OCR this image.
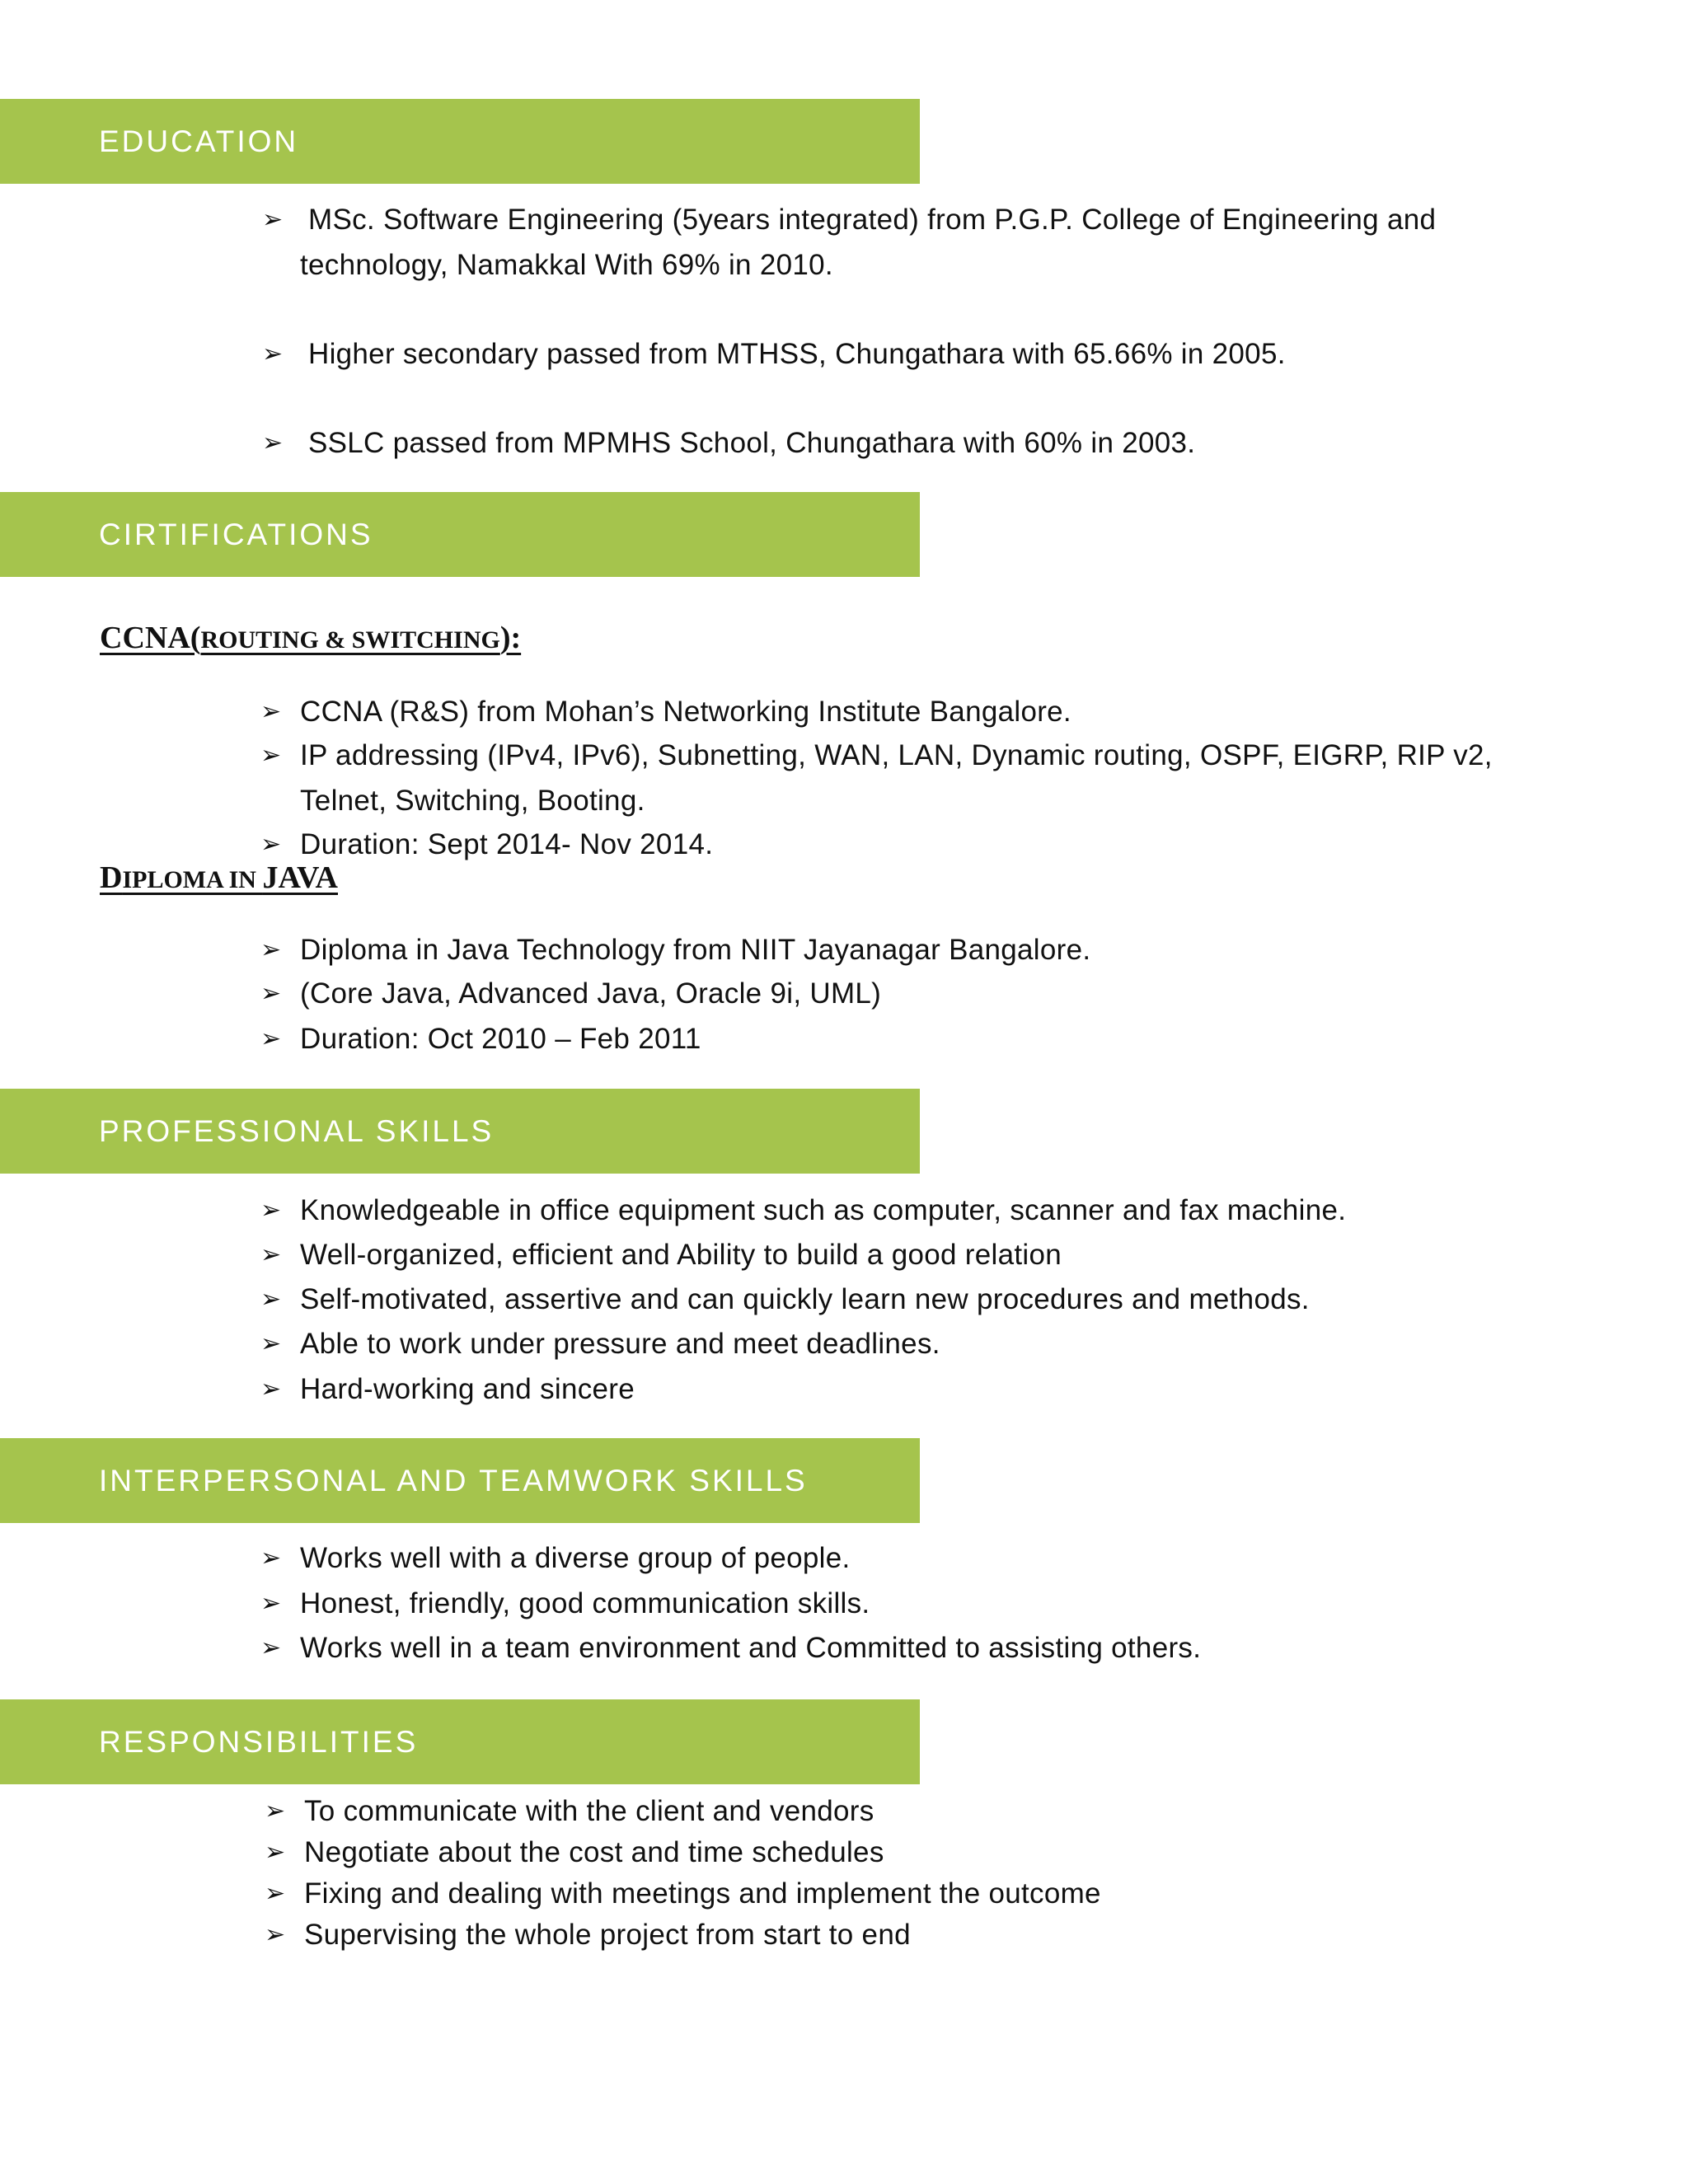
EDUCATION
➢ MSc. Software Engineering (5years integrated) from P.G.P. College of Engineering and
technology, Namakkal With 69% in 2010.
➢ Higher secondary passed from MTHSS, Chungathara with 65.66% in 2005.
➢ SSLC passed from MPMHS School, Chungathara with 60% in 2003.
CIRTIFICATIONS
CCNA(ROUTING & SWITCHING):
➢ CCNA (R&S) from Mohan’s Networking Institute Bangalore.
➢ IP addressing (IPv4, IPv6), Subnetting, WAN, LAN, Dynamic routing, OSPF, EIGRP, RIP v2,
Telnet, Switching, Booting.
➢ Duration: Sept 2014- Nov 2014.
DIPLOMA IN JAVA
➢ Diploma in Java Technology from NIIT Jayanagar Bangalore.
➢ (Core Java, Advanced Java, Oracle 9i, UML)
➢ Duration: Oct 2010 – Feb 2011
PROFESSIONAL SKILLS
➢ Knowledgeable in office equipment such as computer, scanner and fax machine.
➢ Well-organized, efficient and Ability to build a good relation
➢ Self-motivated, assertive and can quickly learn new procedures and methods.
➢ Able to work under pressure and meet deadlines.
➢ Hard-working and sincere
INTERPERSONAL AND TEAMWORK SKILLS
➢ Works well with a diverse group of people.
➢ Honest, friendly, good communication skills.
➢ Works well in a team environment and Committed to assisting others.
RESPONSIBILITIES
➢ To communicate with the client and vendors
➢ Negotiate about the cost and time schedules
➢ Fixing and dealing with meetings and implement the outcome
➢ Supervising the whole project from start to end
